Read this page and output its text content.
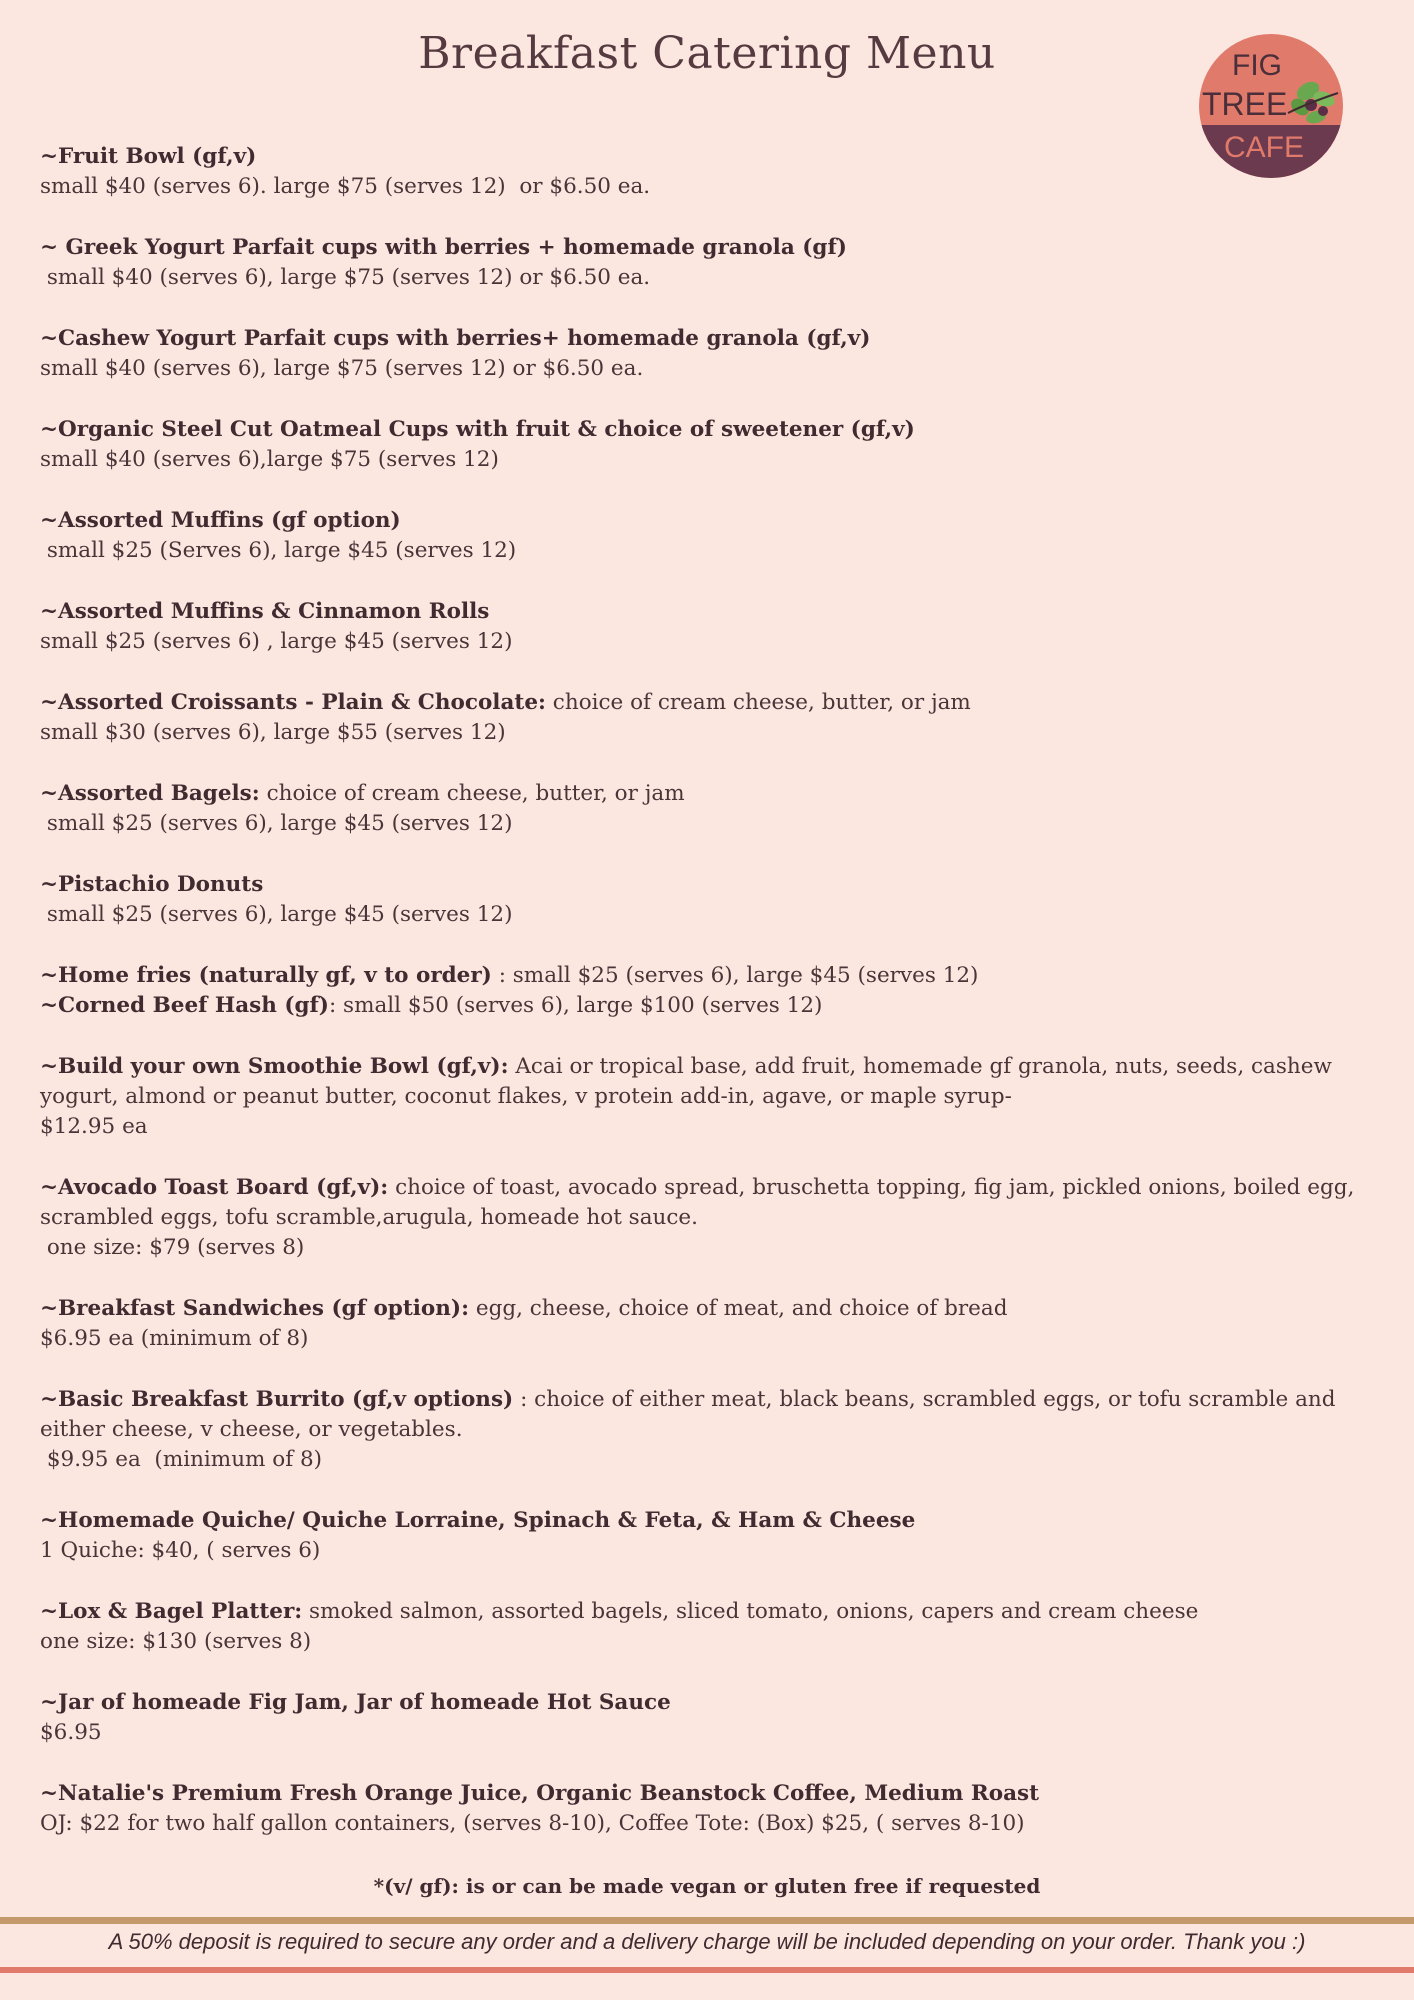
Breakfast Catering Menu	FIG
TREE
CAFE
~Fruit Bowl (gf,v)
small $40 (serves 6). large $75 (serves 12)  or $6.50 ea.
~ Greek Yogurt Parfait cups with berries + homemade granola (gf)
small $40 (serves 6), large $75 (serves 12) or $6.50 ea.
~Cashew Yogurt Parfait cups with berries+ homemade granola (gf,v)
small $40 (serves 6), large $75 (serves 12) or $6.50 ea.
~Organic Steel Cut Oatmeal Cups with fruit & choice of sweetener (gf,v)
small $40 (serves 6),large $75 (serves 12)
~Assorted Muffins (gf option)
small $25 (Serves 6), large $45 (serves 12)
~Assorted Muffins & Cinnamon Rolls
small $25 (serves 6) , large $45 (serves 12)
~Assorted Croissants - Plain & Chocolate: choice of cream cheese, butter, or jam
small $30 (serves 6), large $55 (serves 12)
~Assorted Bagels: choice of cream cheese, butter, or jam
small $25 (serves 6), large $45 (serves 12)
~Pistachio Donuts
small $25 (serves 6), large $45 (serves 12)
~Home fries (naturally gf, v to order) : small $25 (serves 6), large $45 (serves 12)
~Corned Beef Hash (gf): small $50 (serves 6), large $100 (serves 12)
~Build your own Smoothie Bowl (gf,v): Acai or tropical base, add fruit, homemade gf granola, nuts, seeds, cashew yogurt, almond or peanut butter, coconut flakes, v protein add-in, agave, or maple syrup-
$12.95 ea
~Avocado Toast Board (gf,v): choice of toast, avocado spread, bruschetta topping, fig jam, pickled onions, boiled egg, scrambled eggs, tofu scramble,arugula, homeade hot sauce.
one size: $79 (serves 8)
~Breakfast Sandwiches (gf option): egg, cheese, choice of meat, and choice of bread
$6.95 ea (minimum of 8)
~Basic Breakfast Burrito (gf,v options) : choice of either meat, black beans, scrambled eggs, or tofu scramble and either cheese, v cheese, or vegetables.
$9.95 ea  (minimum of 8)
~Homemade Quiche/ Quiche Lorraine, Spinach & Feta, & Ham & Cheese
1 Quiche: $40, ( serves 6)
~Lox & Bagel Platter: smoked salmon, assorted bagels, sliced tomato, onions, capers and cream cheese
one size: $130 (serves 8)
~Jar of homeade Fig Jam, Jar of homeade Hot Sauce
$6.95
~Natalie's Premium Fresh Orange Juice, Organic Beanstock Coffee, Medium Roast
OJ: $22 for two half gallon containers, (serves 8-10), Coffee Tote: (Box) $25, ( serves 8-10)
*(v/ gf): is or can be made vegan or gluten free if requested
A 50% deposit is required to secure any order and a delivery charge will be included depending on your order. Thank you :)
